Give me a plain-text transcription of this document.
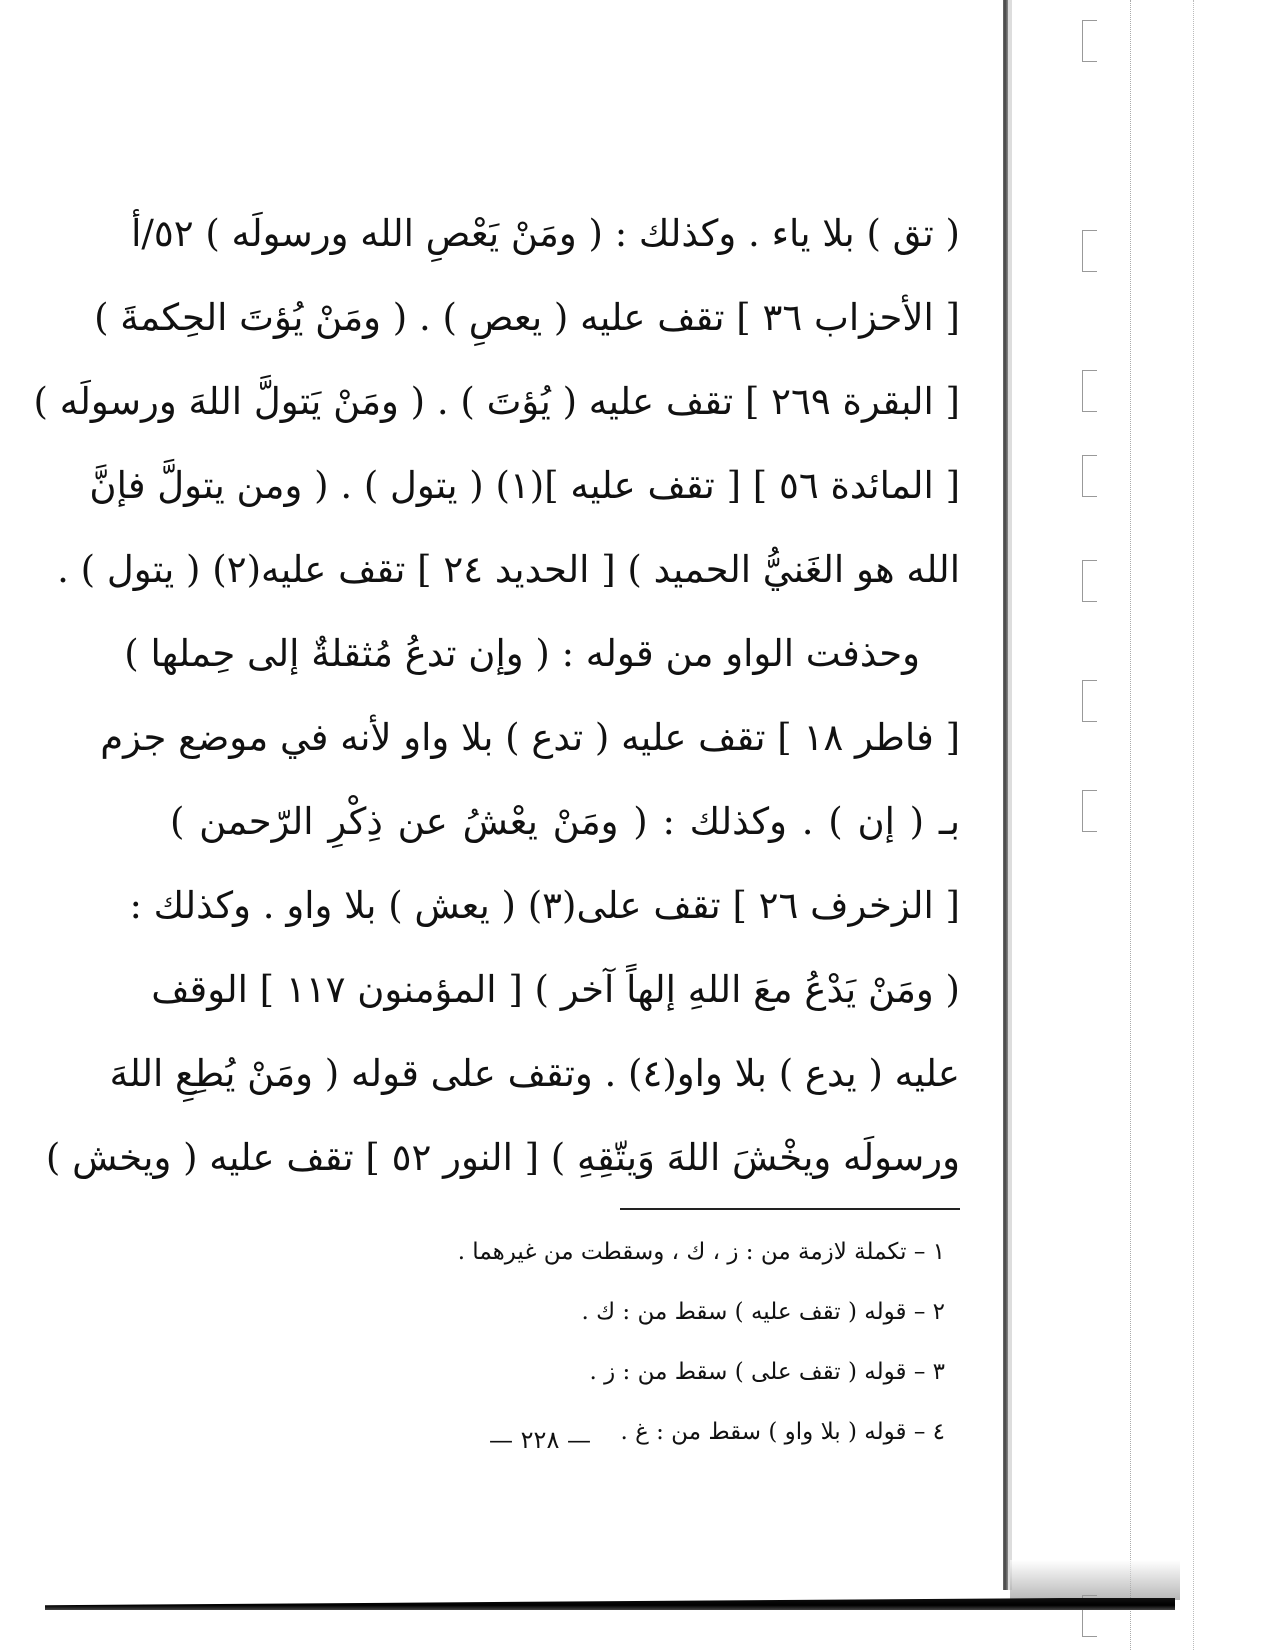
( تق ) بلا ياء . وكذلك : ( ومَنْ يَعْصِ الله ورسولَه ) ٥٢/أ
[ الأحزاب ٣٦ ] تقف عليه ( يعصِ ) . ( ومَنْ يُؤتَ الحِكمةَ )
[ البقرة ٢٦٩ ] تقف عليه ( يُؤتَ ) . ( ومَنْ يَتولَّ اللهَ ورسولَه )
[ المائدة ٥٦ ] [ تقف عليه ](١) ( يتول ) . ( ومن يتولَّ فإنَّ
الله هو الغَنيُّ الحميد ) [ الحديد ٢٤ ] تقف عليه(٢) ( يتول ) .
وحذفت الواو من قوله : ( وإن تدعُ مُثقلةٌ إلى حِملها )
[ فاطر ١٨ ] تقف عليه ( تدع ) بلا واو لأنه في موضع جزم
بـ ( إن ) . وكذلك : ( ومَنْ يعْشُ عن ذِكْرِ الرّحمن )
[ الزخرف ٢٦ ] تقف على(٣) ( يعش ) بلا واو . وكذلك :
( ومَنْ يَدْعُ معَ اللهِ إلهاً آخر ) [ المؤمنون ١١٧ ] الوقف
عليه ( يدع ) بلا واو(٤) . وتقف على قوله ( ومَنْ يُطِعِ اللهَ
ورسولَه ويخْشَ اللهَ وَيتّقِهِ ) [ النور ٥٢ ] تقف عليه ( ويخش )
١ – تكملة لازمة من : ز ، ك ، وسقطت من غيرهما .
٢ – قوله ( تقف عليه ) سقط من : ك .
٣ – قوله ( تقف على ) سقط من : ز .
٤ – قوله ( بلا واو ) سقط من : غ .
— ٢٢٨ —
